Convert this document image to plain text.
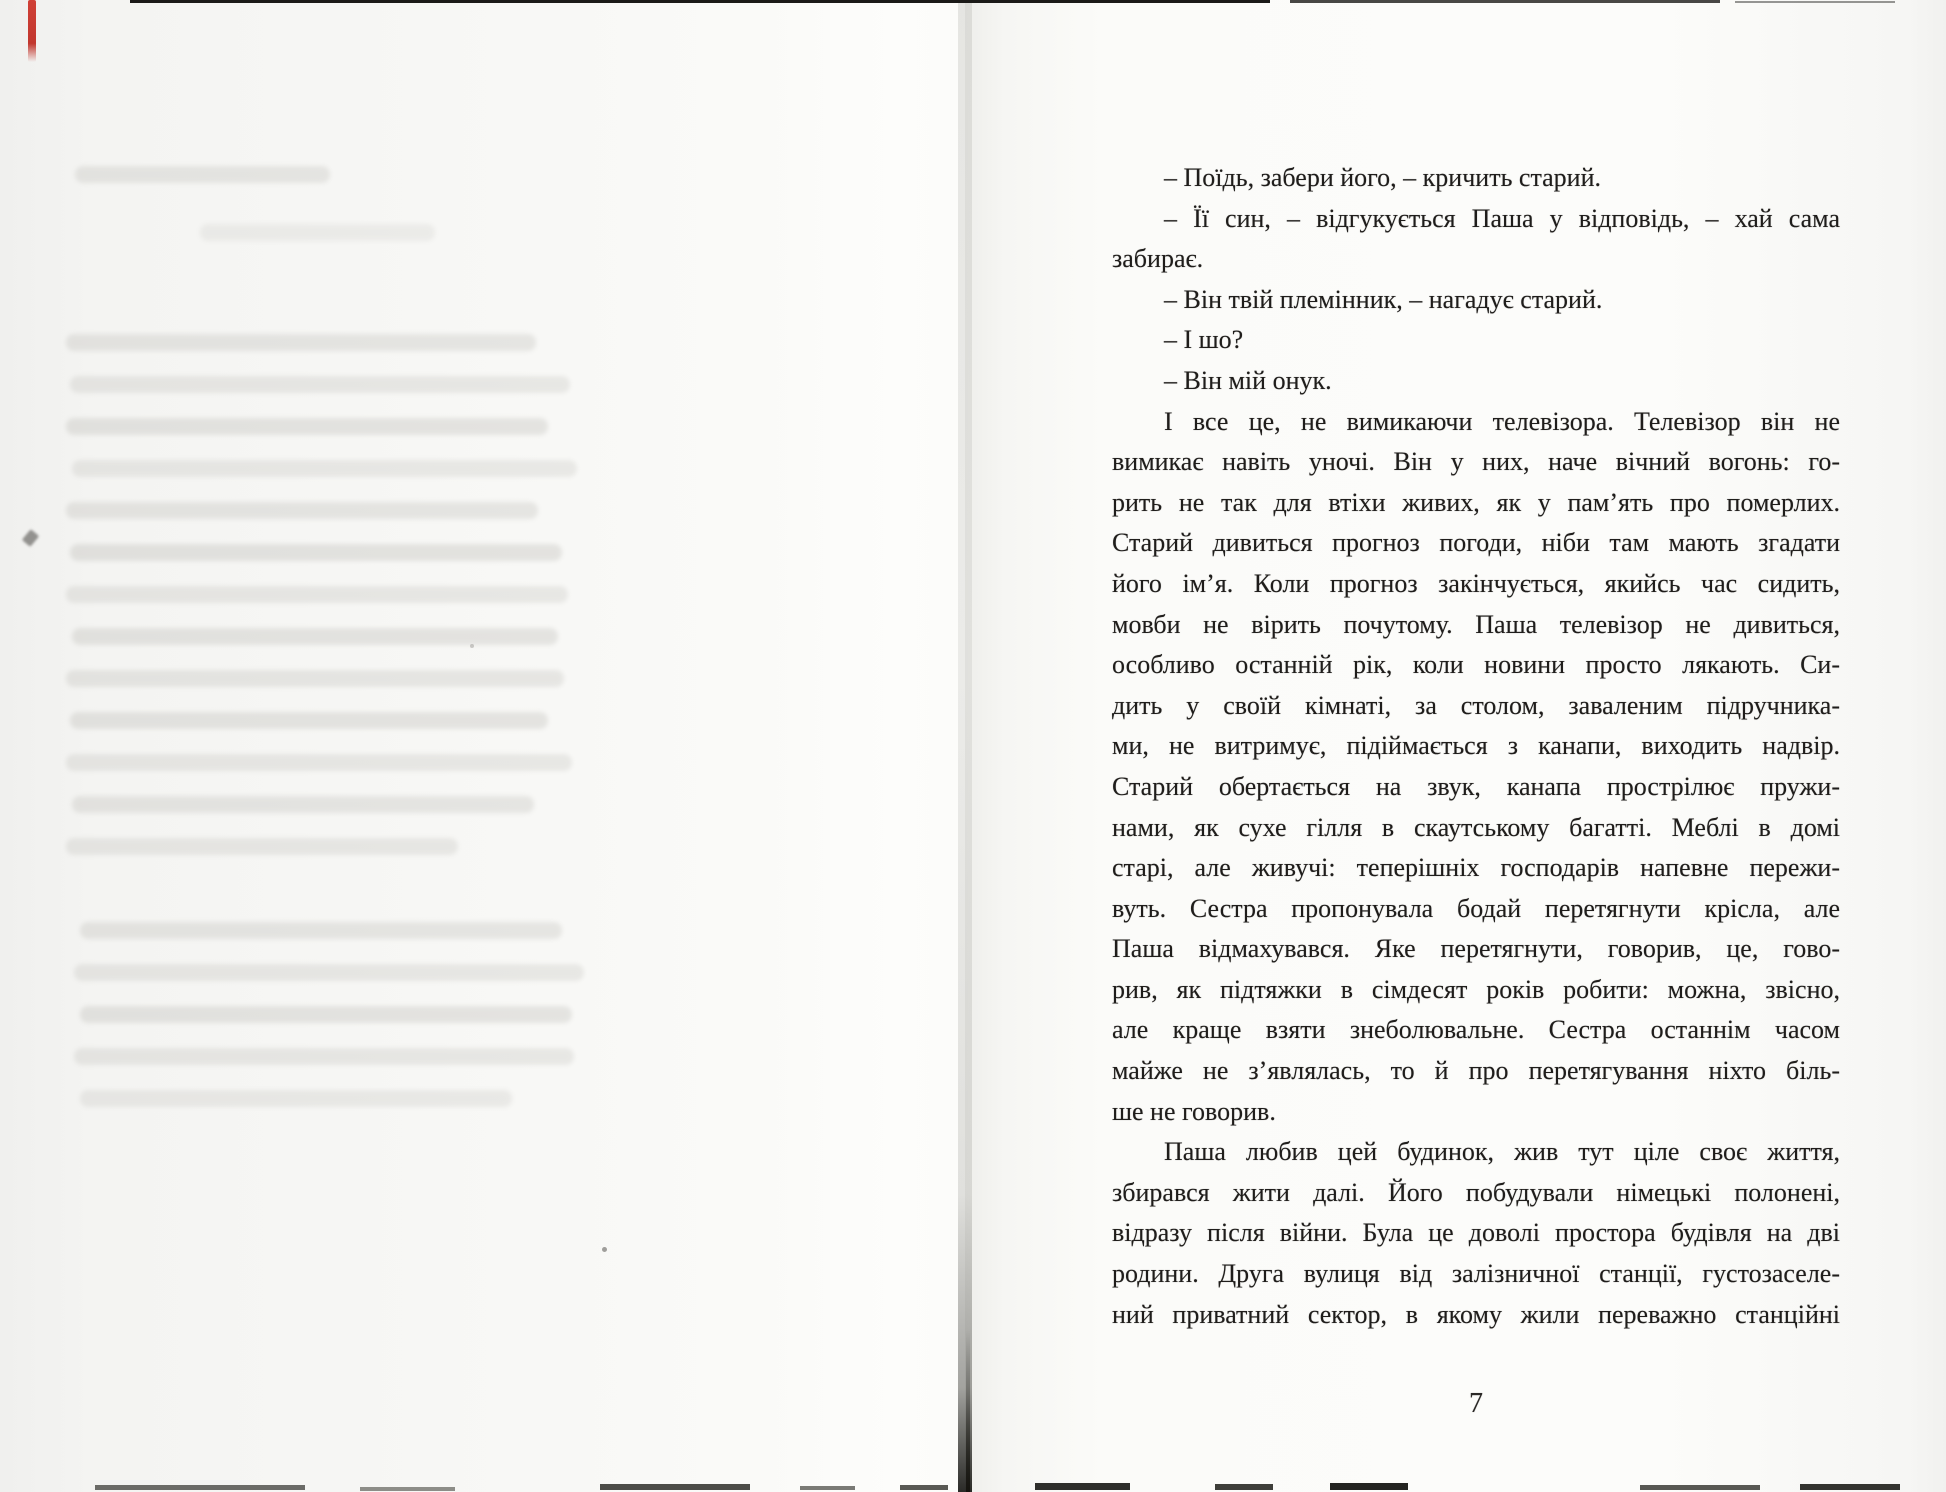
– Поїдь, забери його, – кричить старий.
– Її син, – відгукується Паша у відповідь, – хай сама
забирає.
– Він твій племінник, – нагадує старий.
– І шо?
– Він мій онук.
І все це, не вимикаючи телевізора. Телевізор він не
вимикає навіть уночі. Він у них, наче вічний вогонь: го-
рить не так для втіхи живих, як у пам’ять про померлих.
Старий дивиться прогноз погоди, ніби там мають згадати
його ім’я. Коли прогноз закінчується, якийсь час сидить,
мовби не вірить почутому. Паша телевізор не дивиться,
особливо останній рік, коли новини просто лякають. Си-
дить у своїй кімнаті, за столом, заваленим підручника-
ми, не витримує, підіймається з канапи, виходить надвір.
Старий обертається на звук, канапа прострілює пружи-
нами, як сухе гілля в скаутському багатті. Меблі в домі
старі, але живучі: теперішніх господарів напевне пережи-
вуть. Сестра пропонувала бодай перетягнути крісла, але
Паша відмахувався. Яке перетягнути, говорив, це, гово-
рив, як підтяжки в сімдесят років робити: можна, звісно,
але краще взяти знеболювальне. Сестра останнім часом
майже не з’являлась, то й про перетягування ніхто біль-
ше не говорив.
Паша любив цей будинок, жив тут ціле своє життя,
збирався жити далі. Його побудували німецькі полонені,
відразу після війни. Була це доволі простора будівля на дві
родини. Друга вулиця від залізничної станції, густозаселе-
ний приватний сектор, в якому жили переважно станційні
7
